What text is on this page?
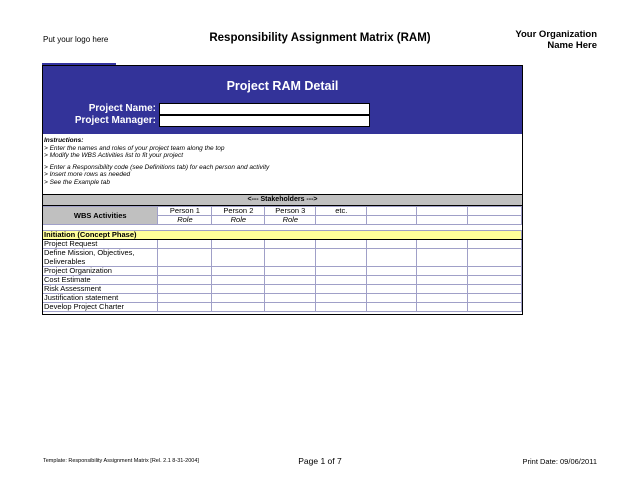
Put your logo here	Responsibility Assignment Matrix (RAM)	Your Organization
Name Here
Project RAM Detail
Project Name:
Project Manager:
Instructions:
> Enter the names and roles of your project team along the top
> Modify the WBS Activities list to fit your project
> Enter a Responsibility code (see Definitions tab) for each person and activity
> Insert more rows as needed
> See the Example tab
<--- Stakeholders --->
WBS Activities	Person 1	Person 2	Person 3	etc.			
	Role	Role	Role				

Initiation (Concept Phase)							
Project Request							
Define Mission, Objectives, Deliverables							
Project Organization							
Cost Estimate							
Risk Assessment							
Justification statement							
Develop Project Charter							
Template: Responsibility Assignment Matrix [Rel. 2.1 8-31-2004]	Page 1 of 7	Print Date: 09/06/2011
